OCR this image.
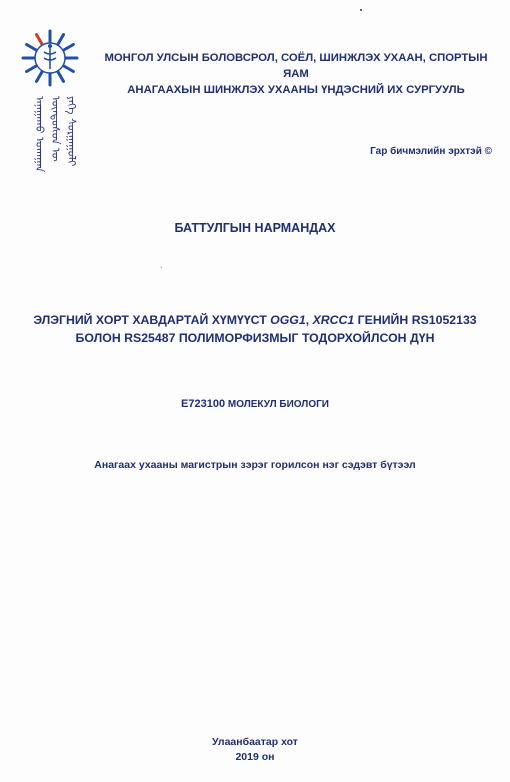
ᠠᠨᠠᠭᠠᠬᠤ ᠤᠬᠠᠭᠠᠨ ᠦᠨᠳᠦᠰᠦᠨ ᠦ ᠶᠡᠬᠡ ᠰᠤᠷᠭᠠᠭᠤᠯᠢ
МОНГОЛ УЛСЫН БОЛОВСРОЛ, СОЁЛ, ШИНЖЛЭХ УХААН, СПОРТЫН ЯАМ
АНАГААХЫН ШИНЖЛЭХ УХААНЫ ҮНДЭСНИЙ ИХ СУРГУУЛЬ
Гар бичмэлийн эрхтэй ©
БАТТУЛГЫН НАРМАНДАХ
ˎ
ЭЛЭГНИЙ ХОРТ ХАВДАРТАЙ ХҮМҮҮСТ OGG1, XRCC1 ГЕНИЙН RS1052133
БОЛОН RS25487 ПОЛИМОРФИЗМЫГ ТОДОРХОЙЛСОН ДҮН
E723100 МОЛЕКУЛ БИОЛОГИ
Анагаах ухааны магистрын зэрэг горилсон нэг сэдэвт бүтээл
Улаанбаатар хот
2019 он
